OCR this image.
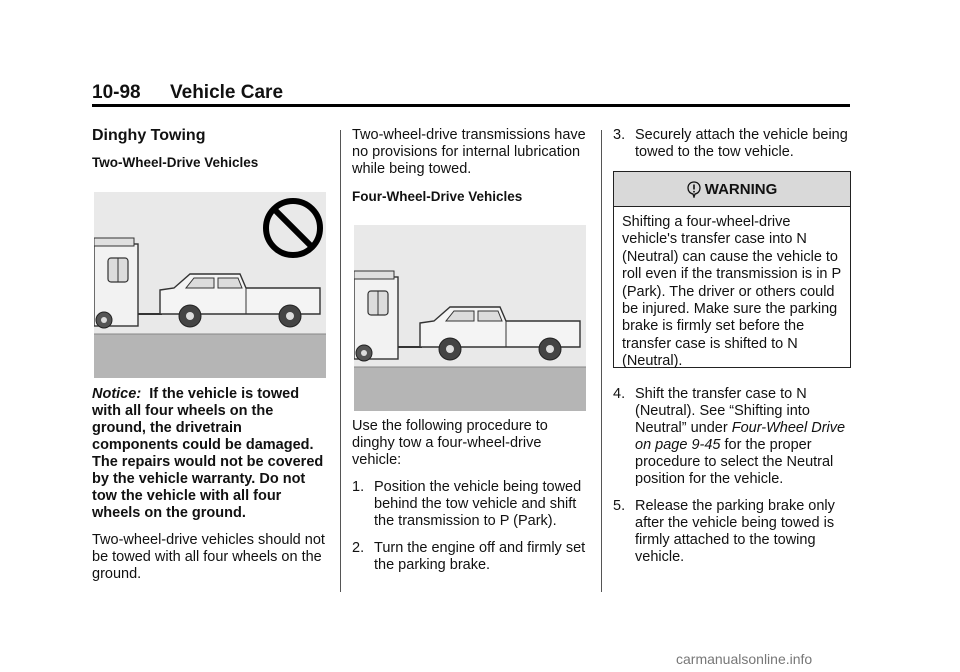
10-98 Vehicle Care

Dinghy Towing

Two-Wheel-Drive Vehicles

Notice: If the vehicle is towed with all four wheels on the ground, the drivetrain components could be damaged. The repairs would not be covered by the vehicle warranty. Do not tow the vehicle with all four wheels on the ground.

Two-wheel-drive vehicles should not be towed with all four wheels on the ground.

Two-wheel-drive transmissions have no provisions for internal lubrication while being towed.

Four-Wheel-Drive Vehicles

Use the following procedure to dinghy tow a four-wheel-drive vehicle:

1. Position the vehicle being towed behind the tow vehicle and shift the transmission to P (Park).
2. Turn the engine off and firmly set the parking brake.
3. Securely attach the vehicle being towed to the tow vehicle.
WARNING
Shifting a four-wheel-drive vehicle's transfer case into N (Neutral) can cause the vehicle to roll even if the transmission is in P (Park). The driver or others could be injured. Make sure the parking brake is firmly set before the transfer case is shifted to N (Neutral).
4. Shift the transfer case to N (Neutral). See “Shifting into Neutral” under Four-Wheel Drive on page 9-45 for the proper procedure to select the Neutral position for the vehicle.
5. Release the parking brake only after the vehicle being towed is firmly attached to the towing vehicle.
carmanualsonline.info
